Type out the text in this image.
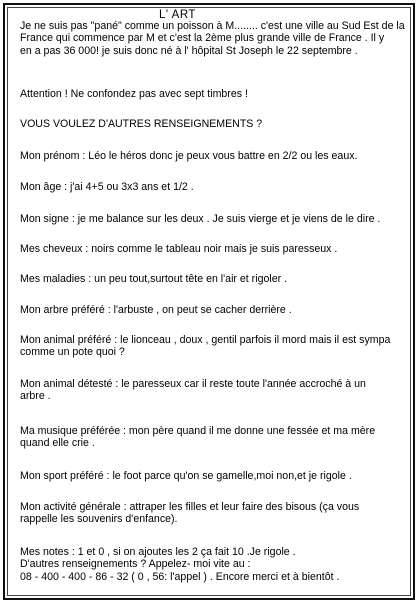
L' ART

Je ne suis pas "pané" comme un poisson à M........ c'est une ville au Sud Est de la
France qui commence par M et c'est la 2ème plus grande ville de France . Il y
en a pas 36 000! je suis donc né à l' hôpital St Joseph le 22 septembre .

Attention ! Ne confondez pas avec sept timbres !

VOUS VOULEZ D'AUTRES RENSEIGNEMENTS ?

Mon prénom : Léo le héros donc je peux vous battre en 2/2 ou les eaux.

Mon âge : j'ai 4+5 ou 3x3 ans et 1/2 .

Mon signe : je me balance sur les deux . Je suis vierge et je viens de le dire .

Mes cheveux : noirs comme le tableau noir mais je suis paresseux .

Mes maladies : un peu tout,surtout tête en l'air et rigoler .

Mon arbre préféré : l'arbuste , on peut se cacher derrière .

Mon animal préféré : le lionceau , doux , gentil parfois il mord mais il est sympa
comme un pote quoi ?

Mon animal détesté : le paresseux car il reste toute l'année accroché à un
arbre .

Ma musique préférée : mon père quand il me donne une fessée et ma mère
quand elle crie .

Mon sport préféré : le foot parce qu'on se gamelle,moi non,et je rigole .

Mon activité générale : attraper les filles et leur faire des bisous (ça vous
rappelle les souvenirs d'enfance).

Mes notes : 1 et 0 , si on ajoutes les 2 ça fait 10 .Je rigole .
D'autres renseignements ? Appelez- moi vite au :
08 - 400 - 400 - 86 - 32 ( 0 , 56: l'appel ) . Encore merci et à bientôt .
